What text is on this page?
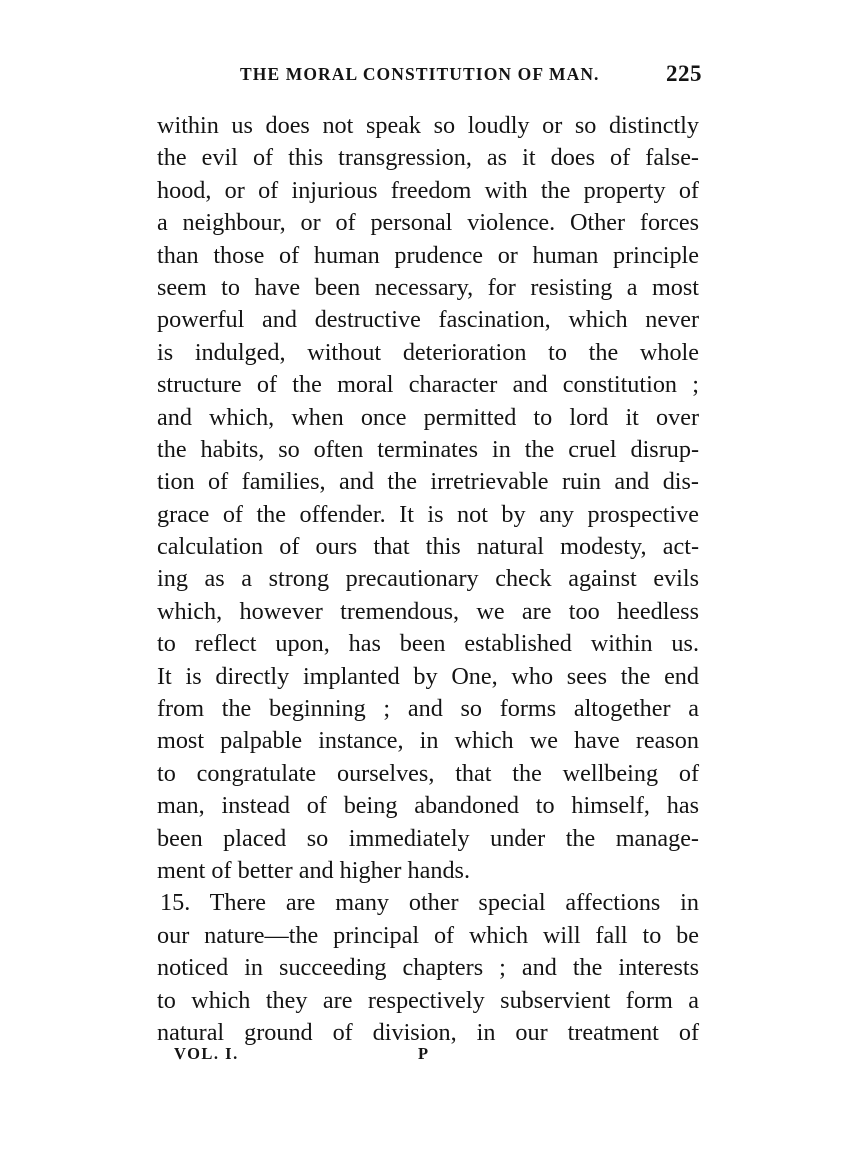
THE MORAL CONSTITUTION OF MAN.	225
within us does not speak so loudly or so distinctly
the evil of this transgression, as it does of false-
hood, or of injurious freedom with the property of
a neighbour, or of personal violence. Other forces
than those of human prudence or human principle
seem to have been necessary, for resisting a most
powerful and destructive fascination, which never
is indulged, without deterioration to the whole
structure of the moral character and constitution ;
and which, when once permitted to lord it over
the habits, so often terminates in the cruel disrup-
tion of families, and the irretrievable ruin and dis-
grace of the offender. It is not by any prospective
calculation of ours that this natural modesty, act-
ing as a strong precautionary check against evils
which, however tremendous, we are too heedless
to reflect upon, has been established within us.
It is directly implanted by One, who sees the end
from the beginning ; and so forms altogether a
most palpable instance, in which we have reason
to congratulate ourselves, that the wellbeing of
man, instead of being abandoned to himself, has
been placed so immediately under the manage-
ment of better and higher hands.
15. There are many other special affections in
our nature—the principal of which will fall to be
noticed in succeeding chapters ; and the interests
to which they are respectively subservient form a
natural ground of division, in our treatment of
VOL. I.	P
